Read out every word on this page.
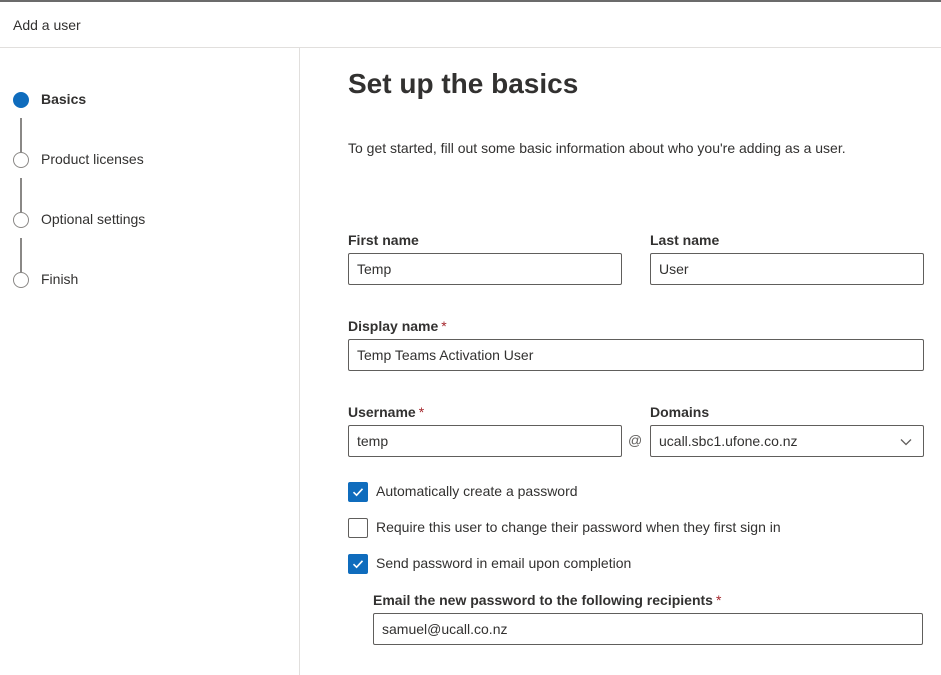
Add a user
Basics
Product licenses
Optional settings
Finish
Set up the basics

To get started, fill out some basic information about who you're adding as a user.

First name
Temp	Last name
User
Display name *
Temp Teams Activation User
Username *
temp
@
Domains
ucall.sbc1.ufone.co.nz
Automatically create a password
Require this user to change their password when they first sign in
Send password in email upon completion
Email the new password to the following recipients *
samuel@ucall.co.nz
